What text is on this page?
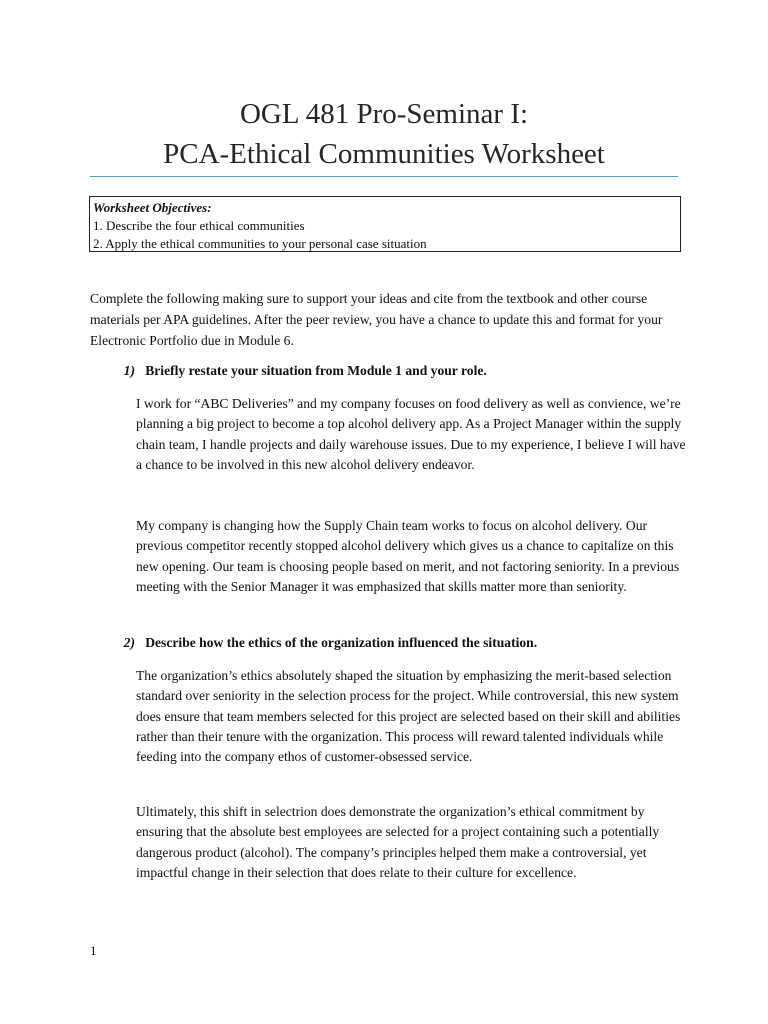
OGL 481 Pro-Seminar I:
PCA-Ethical Communities Worksheet
Worksheet Objectives:
1. Describe the four ethical communities
2. Apply the ethical communities to your personal case situation
Complete the following making sure to support your ideas and cite from the textbook and other course materials per APA guidelines. After the peer review, you have a chance to update this and format for your Electronic Portfolio due in Module 6.
1) Briefly restate your situation from Module 1 and your role.
I work for “ABC Deliveries” and my company focuses on food delivery as well as convience, we’re planning a big project to become a top alcohol delivery app. As a Project Manager within the supply chain team, I handle projects and daily warehouse issues. Due to my experience, I believe I will have a chance to be involved in this new alcohol delivery endeavor.
My company is changing how the Supply Chain team works to focus on alcohol delivery. Our previous competitor recently stopped alcohol delivery which gives us a chance to capitalize on this new opening. Our team is choosing people based on merit, and not factoring seniority. In a previous meeting with the Senior Manager it was emphasized that skills matter more than seniority.
2) Describe how the ethics of the organization influenced the situation.
The organization’s ethics absolutely shaped the situation by emphasizing the merit-based selection standard over seniority in the selection process for the project. While controversial, this new system does ensure that team members selected for this project are selected based on their skill and abilities rather than their tenure with the organization. This process will reward talented individuals while feeding into the company ethos of customer-obsessed service.
Ultimately, this shift in selectrion does demonstrate the organization’s ethical commitment by ensuring that the absolute best employees are selected for a project containing such a potentially dangerous product (alcohol). The company’s principles helped them make a controversial, yet impactful change in their selection that does relate to their culture for excellence.
1
